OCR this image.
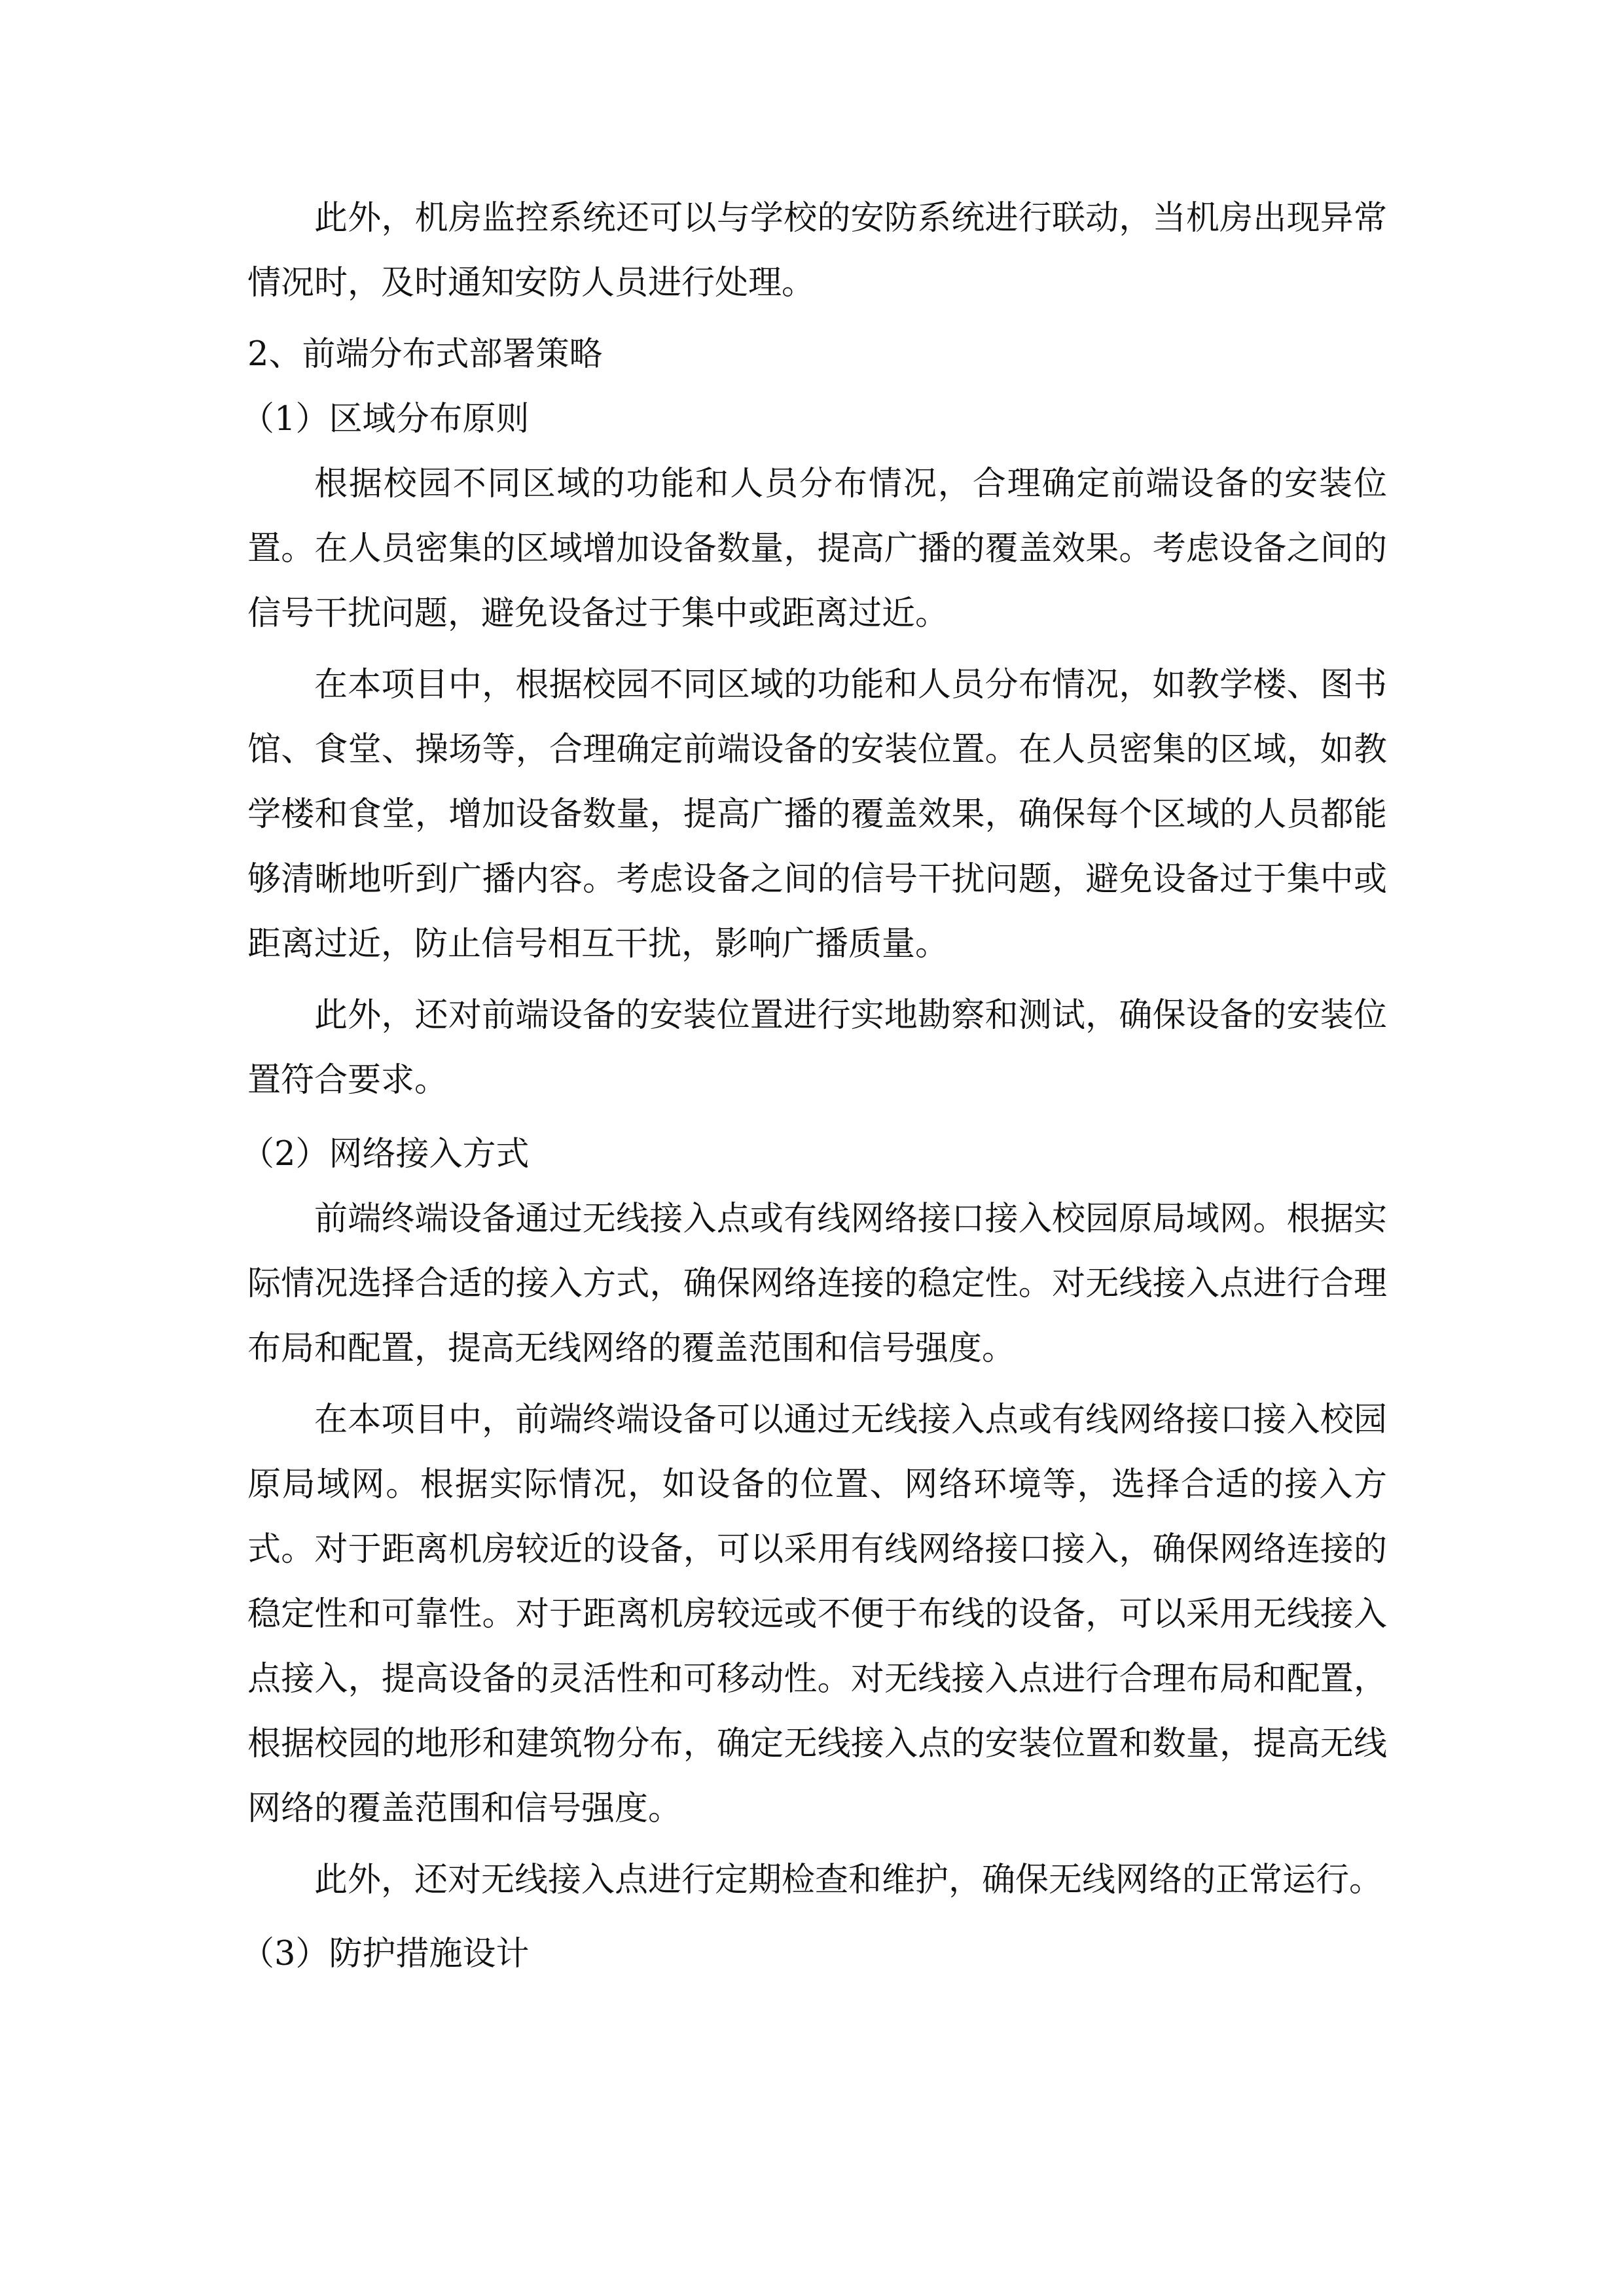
此外，机房监控系统还可以与学校的安防系统进行联动，当机房出现异常
情况时，及时通知安防人员进行处理。
2、前端分布式部署策略
（1）区域分布原则
根据校园不同区域的功能和人员分布情况，合理确定前端设备的安装位
置。在人员密集的区域增加设备数量，提高广播的覆盖效果。考虑设备之间的
信号干扰问题，避免设备过于集中或距离过近。
在本项目中，根据校园不同区域的功能和人员分布情况，如教学楼、图书
馆、食堂、操场等，合理确定前端设备的安装位置。在人员密集的区域，如教
学楼和食堂，增加设备数量，提高广播的覆盖效果，确保每个区域的人员都能
够清晰地听到广播内容。考虑设备之间的信号干扰问题，避免设备过于集中或
距离过近，防止信号相互干扰，影响广播质量。
此外，还对前端设备的安装位置进行实地勘察和测试，确保设备的安装位
置符合要求。
（2）网络接入方式
前端终端设备通过无线接入点或有线网络接口接入校园原局域网。根据实
际情况选择合适的接入方式，确保网络连接的稳定性。对无线接入点进行合理
布局和配置，提高无线网络的覆盖范围和信号强度。
在本项目中，前端终端设备可以通过无线接入点或有线网络接口接入校园
原局域网。根据实际情况，如设备的位置、网络环境等，选择合适的接入方
式。对于距离机房较近的设备，可以采用有线网络接口接入，确保网络连接的
稳定性和可靠性。对于距离机房较远或不便于布线的设备，可以采用无线接入
点接入，提高设备的灵活性和可移动性。对无线接入点进行合理布局和配置，
根据校园的地形和建筑物分布，确定无线接入点的安装位置和数量，提高无线
网络的覆盖范围和信号强度。
此外，还对无线接入点进行定期检查和维护，确保无线网络的正常运行。
（3）防护措施设计
